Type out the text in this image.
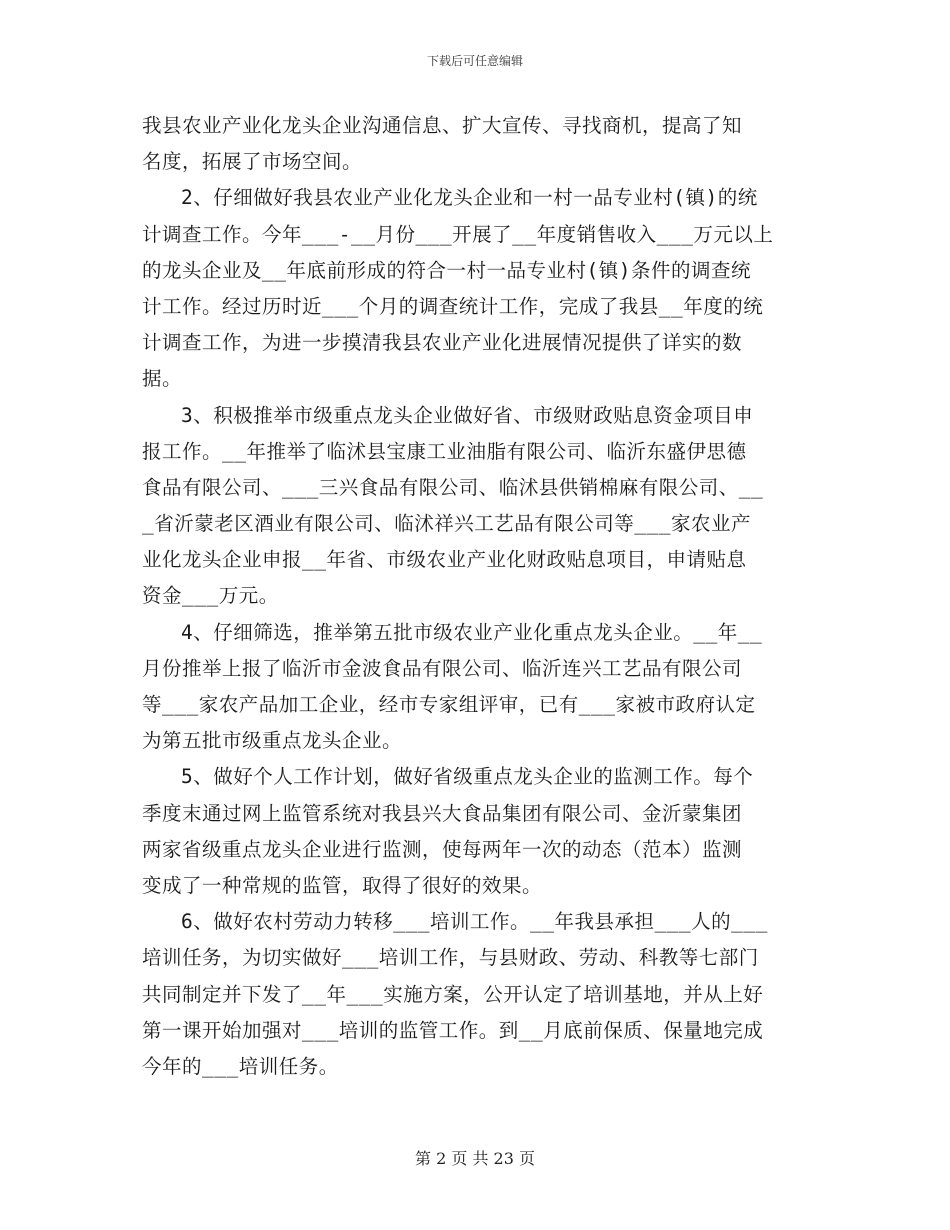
下载后可任意编辑
我县农业产业化龙头企业沟通信息、扩大宣传、寻找商机，提高了知
名度，拓展了市场空间。
2、仔细做好我县农业产业化龙头企业和一村一品专业村(镇)的统
计调查工作。今年___-__月份___开展了__年度销售收入___万元以上
的龙头企业及__年底前形成的符合一村一品专业村(镇)条件的调查统
计工作。经过历时近___个月的调查统计工作，完成了我县__年度的统
计调查工作，为进一步摸清我县农业产业化进展情况提供了详实的数
据。
3、积极推举市级重点龙头企业做好省、市级财政贴息资金项目申
报工作。__年推举了临沭县宝康工业油脂有限公司、临沂东盛伊思德
食品有限公司、___三兴食品有限公司、临沭县供销棉麻有限公司、__
_省沂蒙老区酒业有限公司、临沭祥兴工艺品有限公司等___家农业产
业化龙头企业申报__年省、市级农业产业化财政贴息项目，申请贴息
资金___万元。
4、仔细筛选，推举第五批市级农业产业化重点龙头企业。__年__
月份推举上报了临沂市金波食品有限公司、临沂连兴工艺品有限公司
等___家农产品加工企业，经市专家组评审，已有___家被市政府认定
为第五批市级重点龙头企业。
5、做好个人工作计划，做好省级重点龙头企业的监测工作。每个
季度末通过网上监管系统对我县兴大食品集团有限公司、金沂蒙集团
两家省级重点龙头企业进行监测，使每两年一次的动态（范本）监测
变成了一种常规的监管，取得了很好的效果。
6、做好农村劳动力转移___培训工作。__年我县承担___人的___
培训任务，为切实做好___培训工作，与县财政、劳动、科教等七部门
共同制定并下发了__年___实施方案，公开认定了培训基地，并从上好
第一课开始加强对___培训的监管工作。到__月底前保质、保量地完成
今年的___培训任务。
第 2 页 共 23 页
